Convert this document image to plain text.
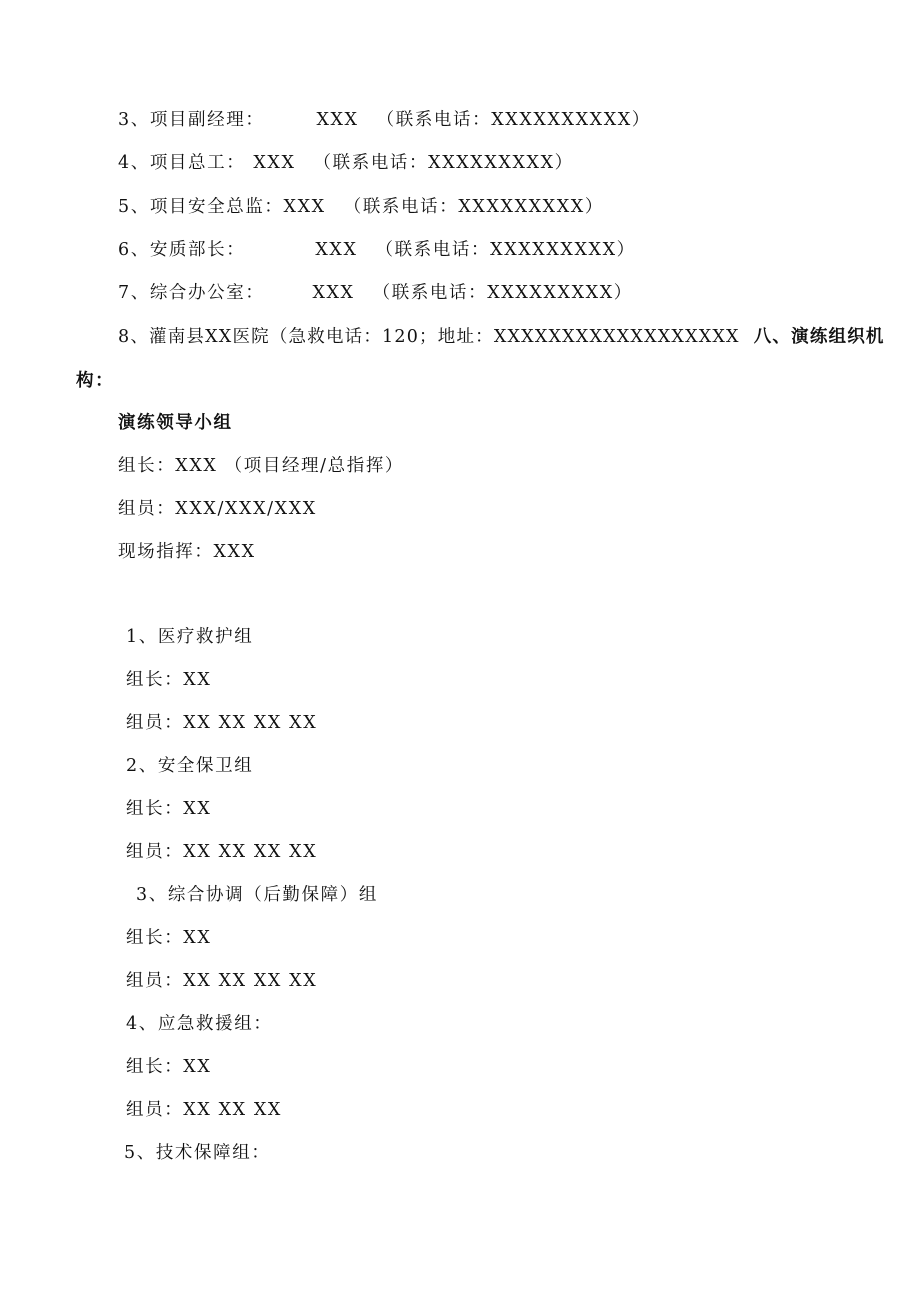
3、项目副经理：	XXX （联系电话：XXXXXXXXXX）
4、项目总工： XXX （联系电话：XXXXXXXXX）
5、项目安全总监：XXX （联系电话：XXXXXXXXX）
6、安质部长：	XXX （联系电话：XXXXXXXXX）
7、综合办公室：	XXX （联系电话：XXXXXXXXX）
8、灌南县XX医院（急救电话：120；地址：XXXXXXXXXXXXXXXXXX 八、演练组织机
构：
演练领导小组
组长：XXX （项目经理/总指挥）
组员：XXX/XXX/XXX
现场指挥：XXX
1、医疗救护组
组长：XX
组员：XX XX XX XX
2、安全保卫组
组长：XX
组员：XX XX XX XX
3、综合协调（后勤保障）组
组长：XX
组员：XX XX XX XX
4、应急救援组：
组长：XX
组员：XX XX XX
5、技术保障组：
